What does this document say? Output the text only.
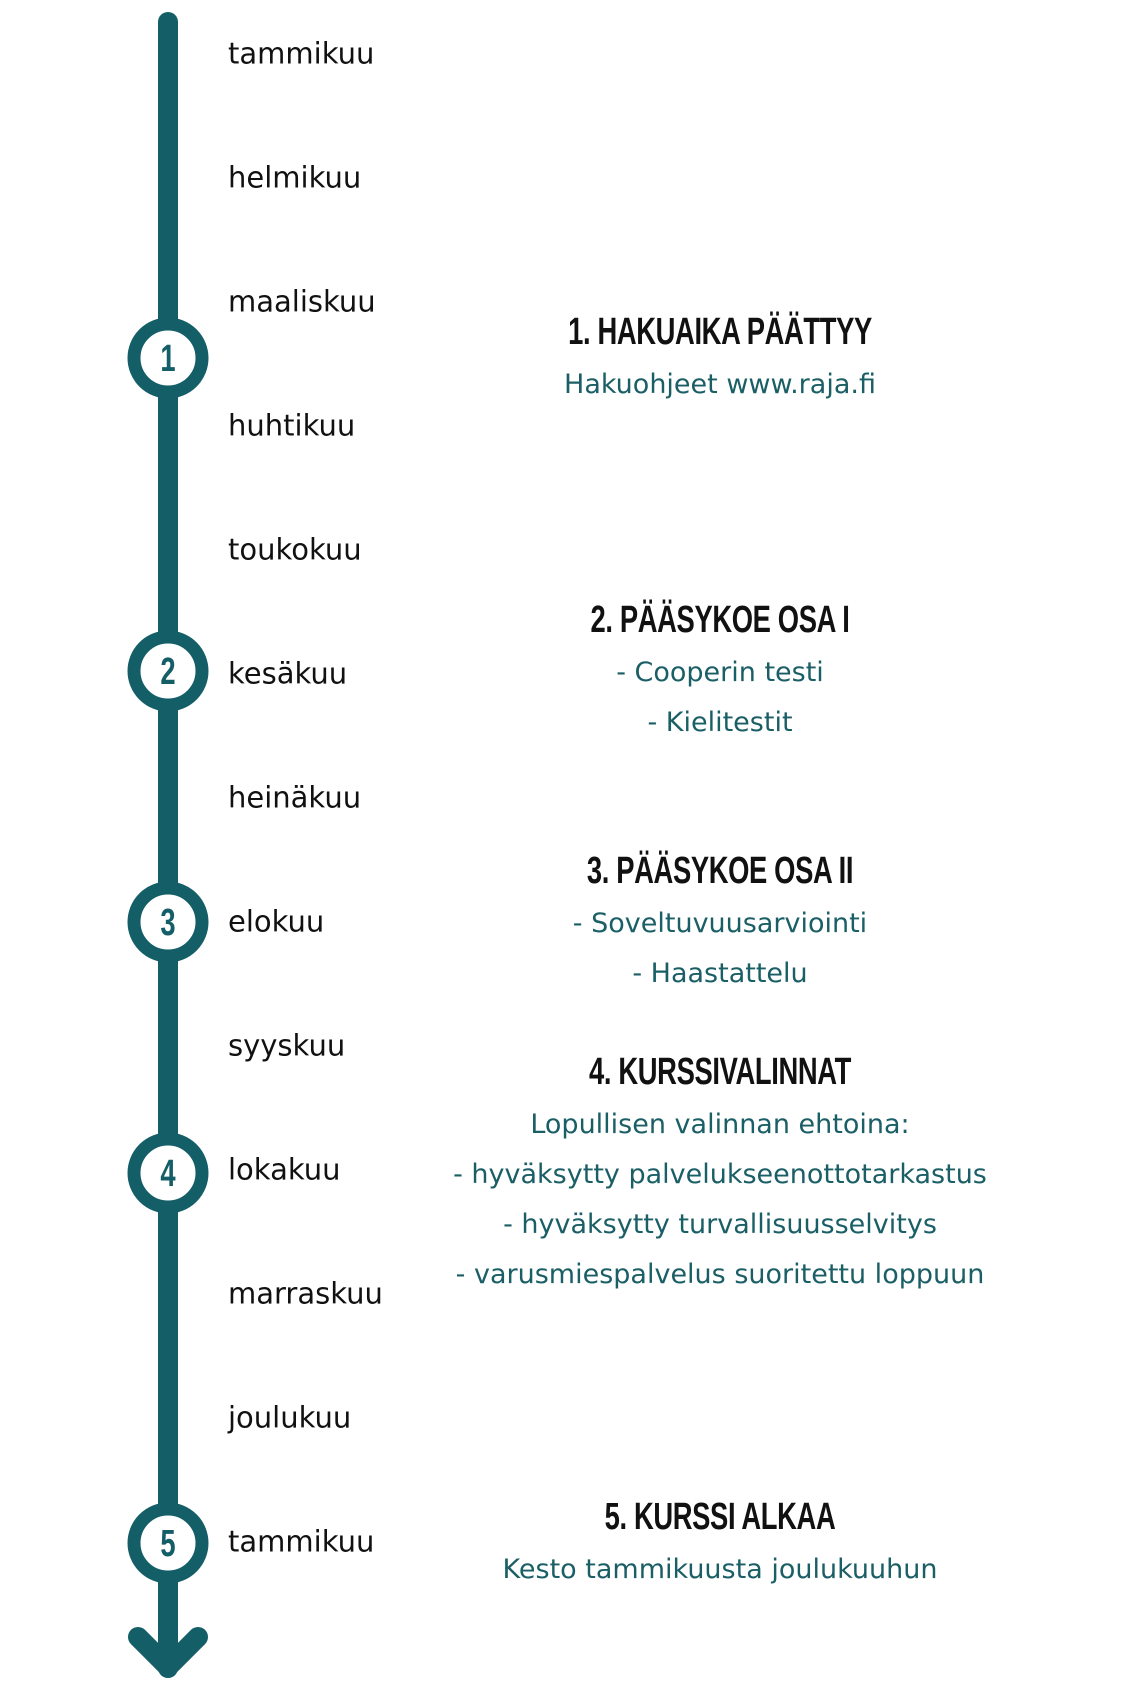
1
2
3
4
5
tammikuu
helmikuu
maaliskuu
huhtikuu
toukokuu
kesäkuu
heinäkuu
elokuu
syyskuu
lokakuu
marraskuu
joulukuu
tammikuu
1. HAKUAIKA PÄÄTTYY
Hakuohjeet www.raja.fi
2. PÄÄSYKOE OSA I
- Cooperin testi
- Kielitestit
3. PÄÄSYKOE OSA II
- Soveltuvuusarviointi
- Haastattelu
4. KURSSIVALINNAT
Lopullisen valinnan ehtoina:
- hyväksytty palvelukseenottotarkastus
- hyväksytty turvallisuusselvitys
- varusmiespalvelus suoritettu loppuun
5. KURSSI ALKAA
Kesto tammikuusta joulukuuhun
